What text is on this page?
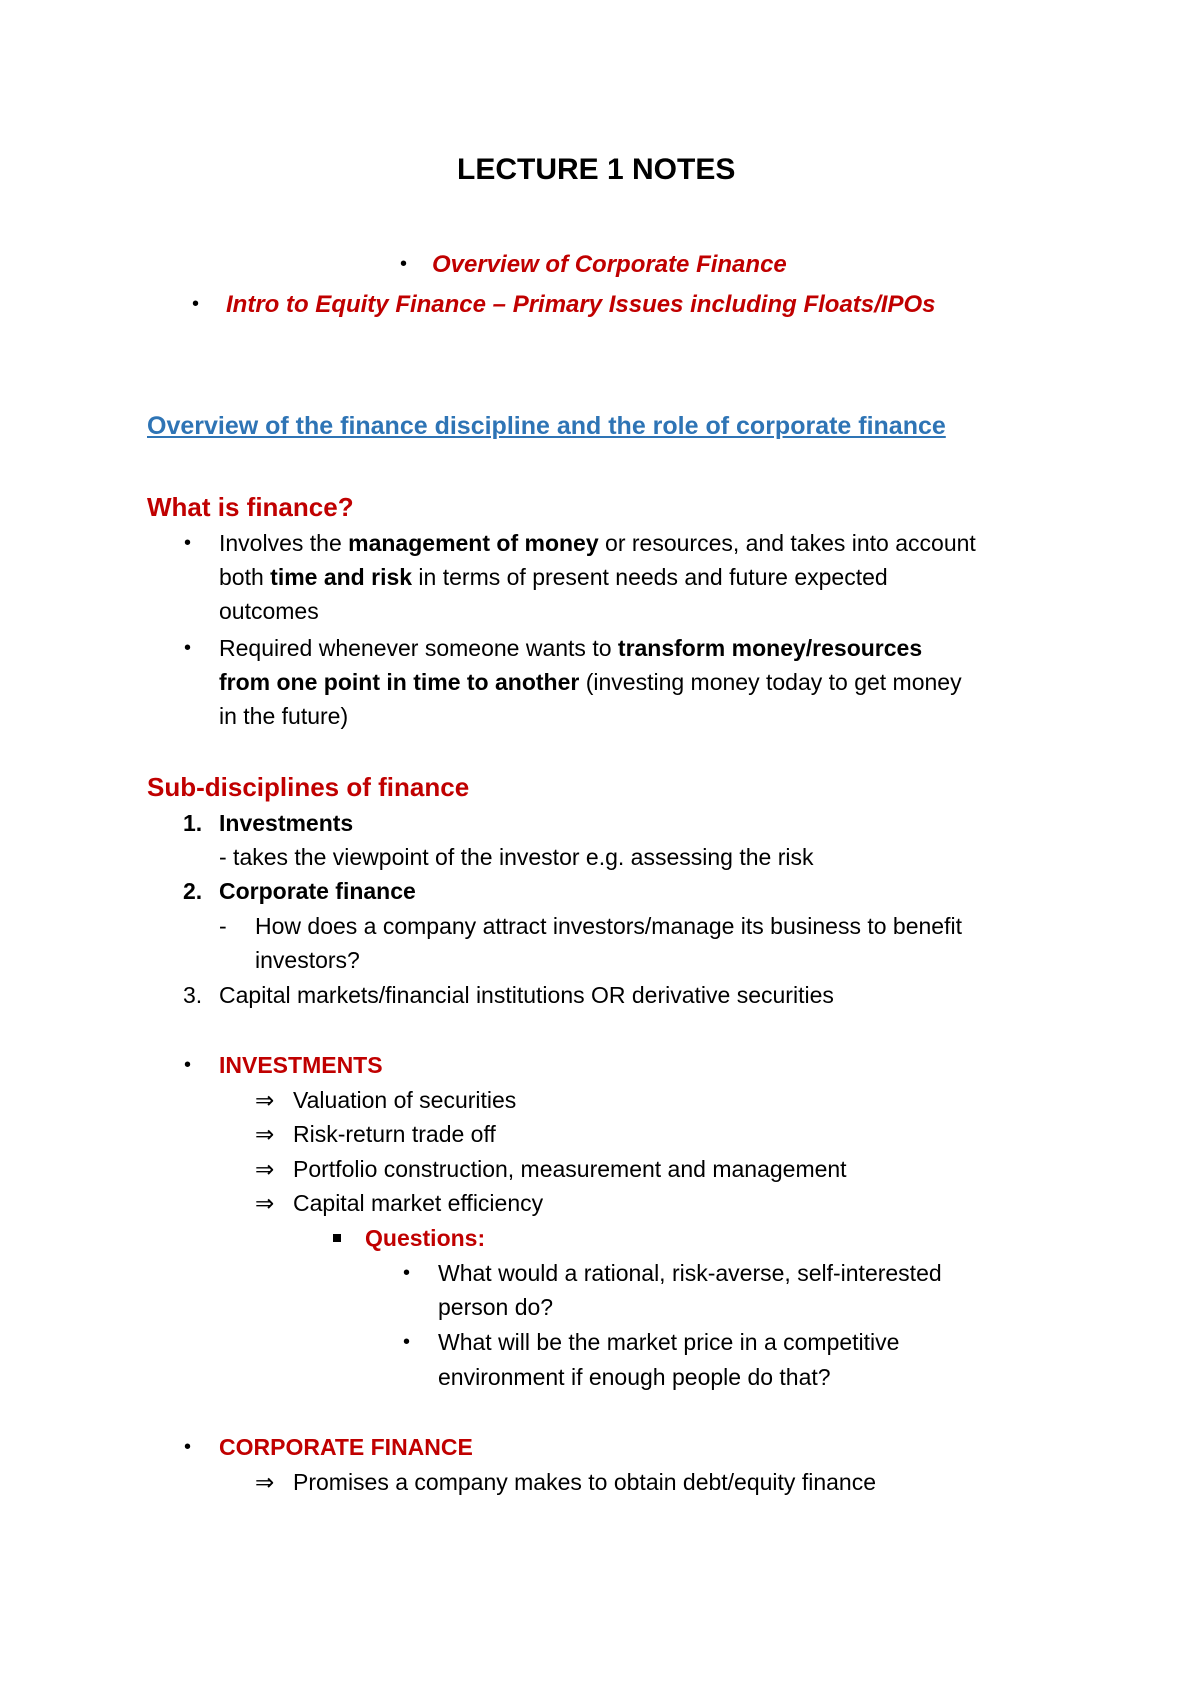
LECTURE 1 NOTES
• Overview of Corporate Finance
• Intro to Equity Finance – Primary Issues including Floats/IPOs
Overview of the finance discipline and the role of corporate finance
What is finance?
• Involves the management of money or resources, and takes into account
both time and risk in terms of present needs and future expected
outcomes
• Required whenever someone wants to transform money/resources
from one point in time to another (investing money today to get money
in the future)
Sub-disciplines of finance
1. Investments
- takes the viewpoint of the investor e.g. assessing the risk
2. Corporate finance
- How does a company attract investors/manage its business to benefit
investors?
3. Capital markets/financial institutions OR derivative securities
• INVESTMENTS
⇒ Valuation of securities
⇒ Risk-return trade off
⇒ Portfolio construction, measurement and management
⇒ Capital market efficiency
Questions:
• What would a rational, risk-averse, self-interested
person do?
• What will be the market price in a competitive
environment if enough people do that?
• CORPORATE FINANCE
⇒ Promises a company makes to obtain debt/equity finance
